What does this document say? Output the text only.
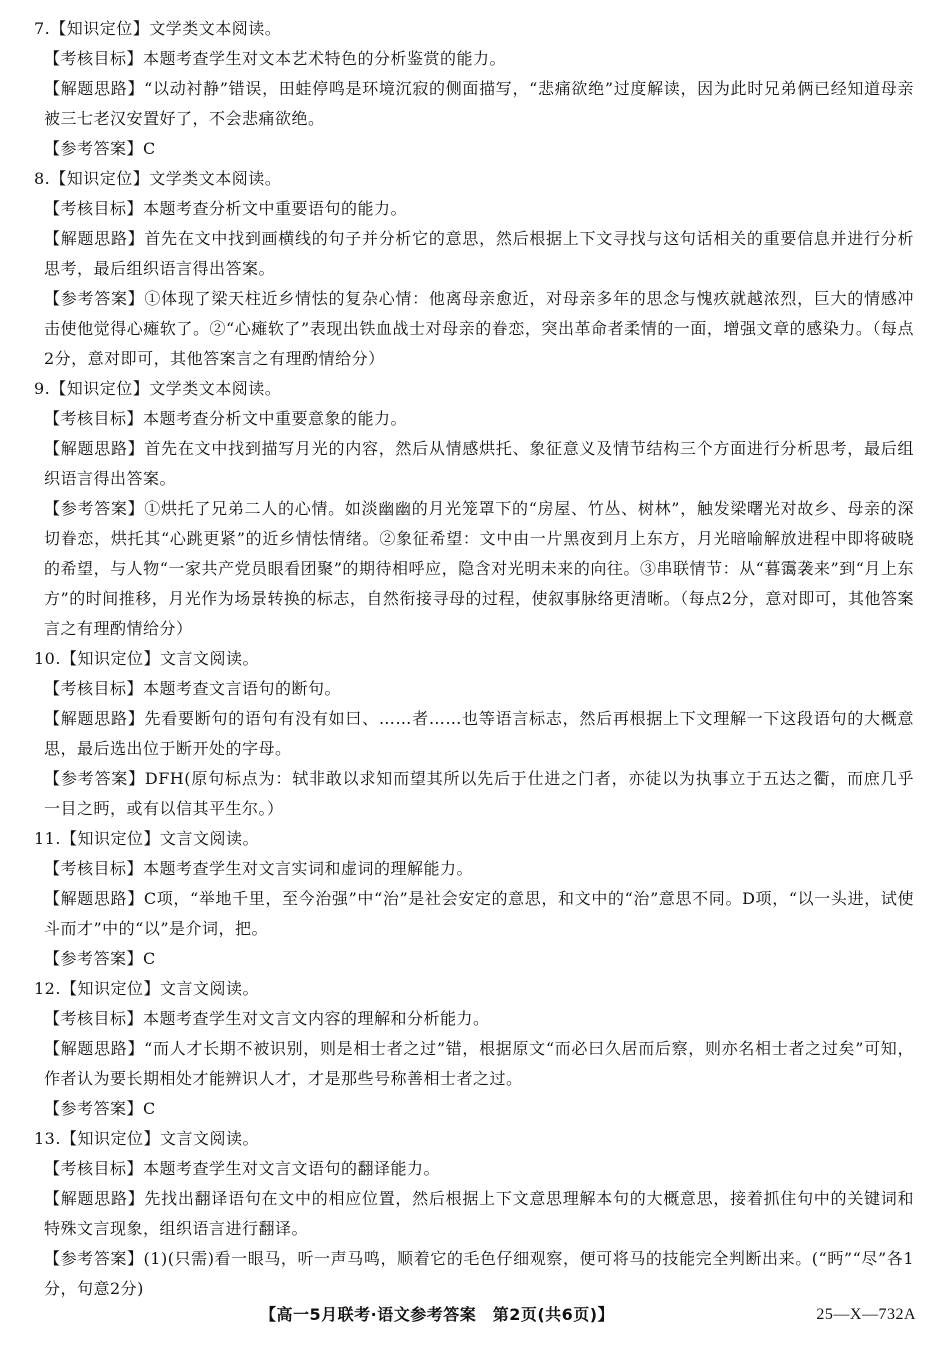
7.【知识定位】文学类文本阅读。
【考核目标】本题考查学生对文本艺术特色的分析鉴赏的能力。
【解题思路】“以动衬静”错误，田蛙停鸣是环境沉寂的侧面描写，“悲痛欲绝”过度解读，因为此时兄弟俩已经知道母亲被三七老汉安置好了，不会悲痛欲绝。
【参考答案】C
8.【知识定位】文学类文本阅读。
【考核目标】本题考查分析文中重要语句的能力。
【解题思路】首先在文中找到画横线的句子并分析它的意思，然后根据上下文寻找与这句话相关的重要信息并进行分析思考，最后组织语言得出答案。
【参考答案】①体现了梁天柱近乡情怯的复杂心情：他离母亲愈近，对母亲多年的思念与愧疚就越浓烈，巨大的情感冲击使他觉得心瘫软了。②“心瘫软了”表现出铁血战士对母亲的眷恋，突出革命者柔情的一面，增强文章的感染力。（每点2分，意对即可，其他答案言之有理酌情给分）
9.【知识定位】文学类文本阅读。
【考核目标】本题考查分析文中重要意象的能力。
【解题思路】首先在文中找到描写月光的内容，然后从情感烘托、象征意义及情节结构三个方面进行分析思考，最后组织语言得出答案。
【参考答案】①烘托了兄弟二人的心情。如淡幽幽的月光笼罩下的“房屋、竹丛、树林”，触发梁曙光对故乡、母亲的深切眷恋，烘托其“心跳更紧”的近乡情怯情绪。②象征希望：文中由一片黑夜到月上东方，月光暗喻解放进程中即将破晓的希望，与人物“一家共产党员眼看团聚”的期待相呼应，隐含对光明未来的向往。③串联情节：从“暮霭袭来”到“月上东方”的时间推移，月光作为场景转换的标志，自然衔接寻母的过程，使叙事脉络更清晰。（每点2分，意对即可，其他答案言之有理酌情给分）
10.【知识定位】文言文阅读。
【考核目标】本题考查文言语句的断句。
【解题思路】先看要断句的语句有没有如曰、……者……也等语言标志，然后再根据上下文理解一下这段语句的大概意思，最后选出位于断开处的字母。
【参考答案】DFH(原句标点为：轼非敢以求知而望其所以先后于仕进之门者，亦徒以为执事立于五达之衢，而庶几乎一目之眄，或有以信其平生尔。）
11.【知识定位】文言文阅读。
【考核目标】本题考查学生对文言实词和虚词的理解能力。
【解题思路】C项，“举地千里，至今治强”中“治”是社会安定的意思，和文中的“治”意思不同。D项，“以一头进，试使斗而才”中的“以”是介词，把。
【参考答案】C
12.【知识定位】文言文阅读。
【考核目标】本题考查学生对文言文内容的理解和分析能力。
【解题思路】“而人才长期不被识别，则是相士者之过”错，根据原文“而必曰久居而后察，则亦名相士者之过矣”可知，作者认为要长期相处才能辨识人才，才是那些号称善相士者之过。
【参考答案】C
13.【知识定位】文言文阅读。
【考核目标】本题考查学生对文言文语句的翻译能力。
【解题思路】先找出翻译语句在文中的相应位置，然后根据上下文意思理解本句的大概意思，接着抓住句中的关键词和特殊文言现象，组织语言进行翻译。
【参考答案】(1)(只需)看一眼马，听一声马鸣，顺着它的毛色仔细观察，便可将马的技能完全判断出来。(“眄”“尽”各1分，句意2分)
【高一5月联考·语文参考答案　第2页(共6页)】	25—X—732A
